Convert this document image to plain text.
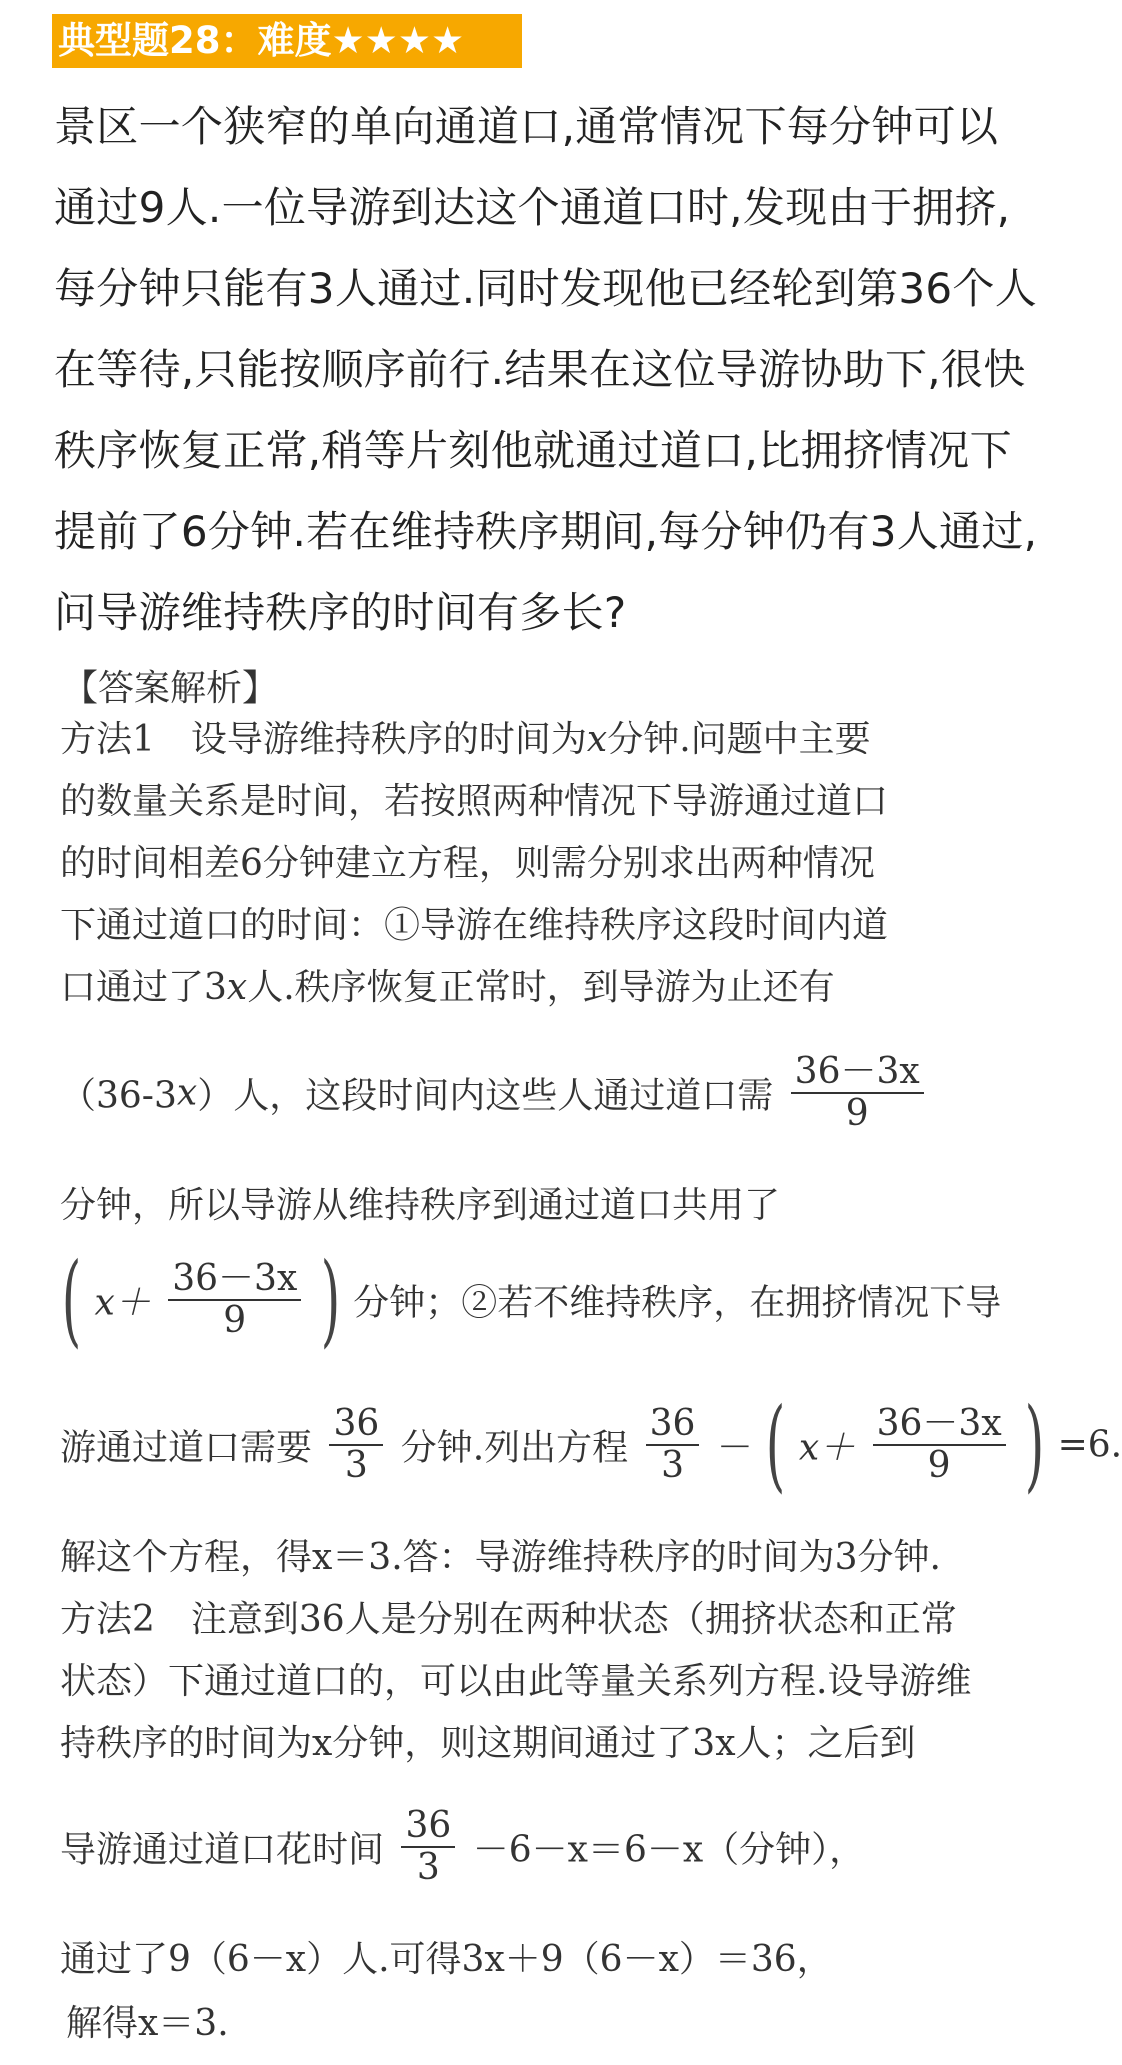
典型题28：难度★★★★
景区一个狭窄的单向通道口,通常情况下每分钟可以
通过9人.一位导游到达这个通道口时,发现由于拥挤,
每分钟只能有3人通过.同时发现他已经轮到第36个人
在等待,只能按顺序前行.结果在这位导游协助下,很快
秩序恢复正常,稍等片刻他就通过道口,比拥挤情况下
提前了6分钟.若在维持秩序期间,每分钟仍有3人通过,
问导游维持秩序的时间有多长?
【答案解析】
方法1　设导游维持秩序的时间为x分钟.问题中主要
的数量关系是时间，若按照两种情况下导游通过道口
的时间相差6分钟建立方程，则需分别求出两种情况
下通过道口的时间：①导游在维持秩序这段时间内道
口通过了3x人.秩序恢复正常时，到导游为止还有
（36-3x）人，这段时间内这些人通过道口需 $\frac{36-3x}{9}$
分钟，所以导游从维持秩序到通过道口共用了
( $x+ \frac{36-3x}{9}$ ) 分钟；②若不维持秩序，在拥挤情况下导
游通过道口需要 $\frac{36}{3}$ 分钟.列出方程 $\frac{36}{3}$ － ( $x+ \frac{36-3x}{9}$ ) =6.
解这个方程，得x＝3.答：导游维持秩序的时间为3分钟.
方法2　注意到36人是分别在两种状态（拥挤状态和正常
状态）下通过道口的，可以由此等量关系列方程.设导游维
持秩序的时间为x分钟，则这期间通过了3x人；之后到
导游通过道口花时间 $\frac{36}{3} -6-x=6-x$（分钟），
通过了9（6－x）人.可得3x＋9（6－x）＝36，
解得x＝3.
